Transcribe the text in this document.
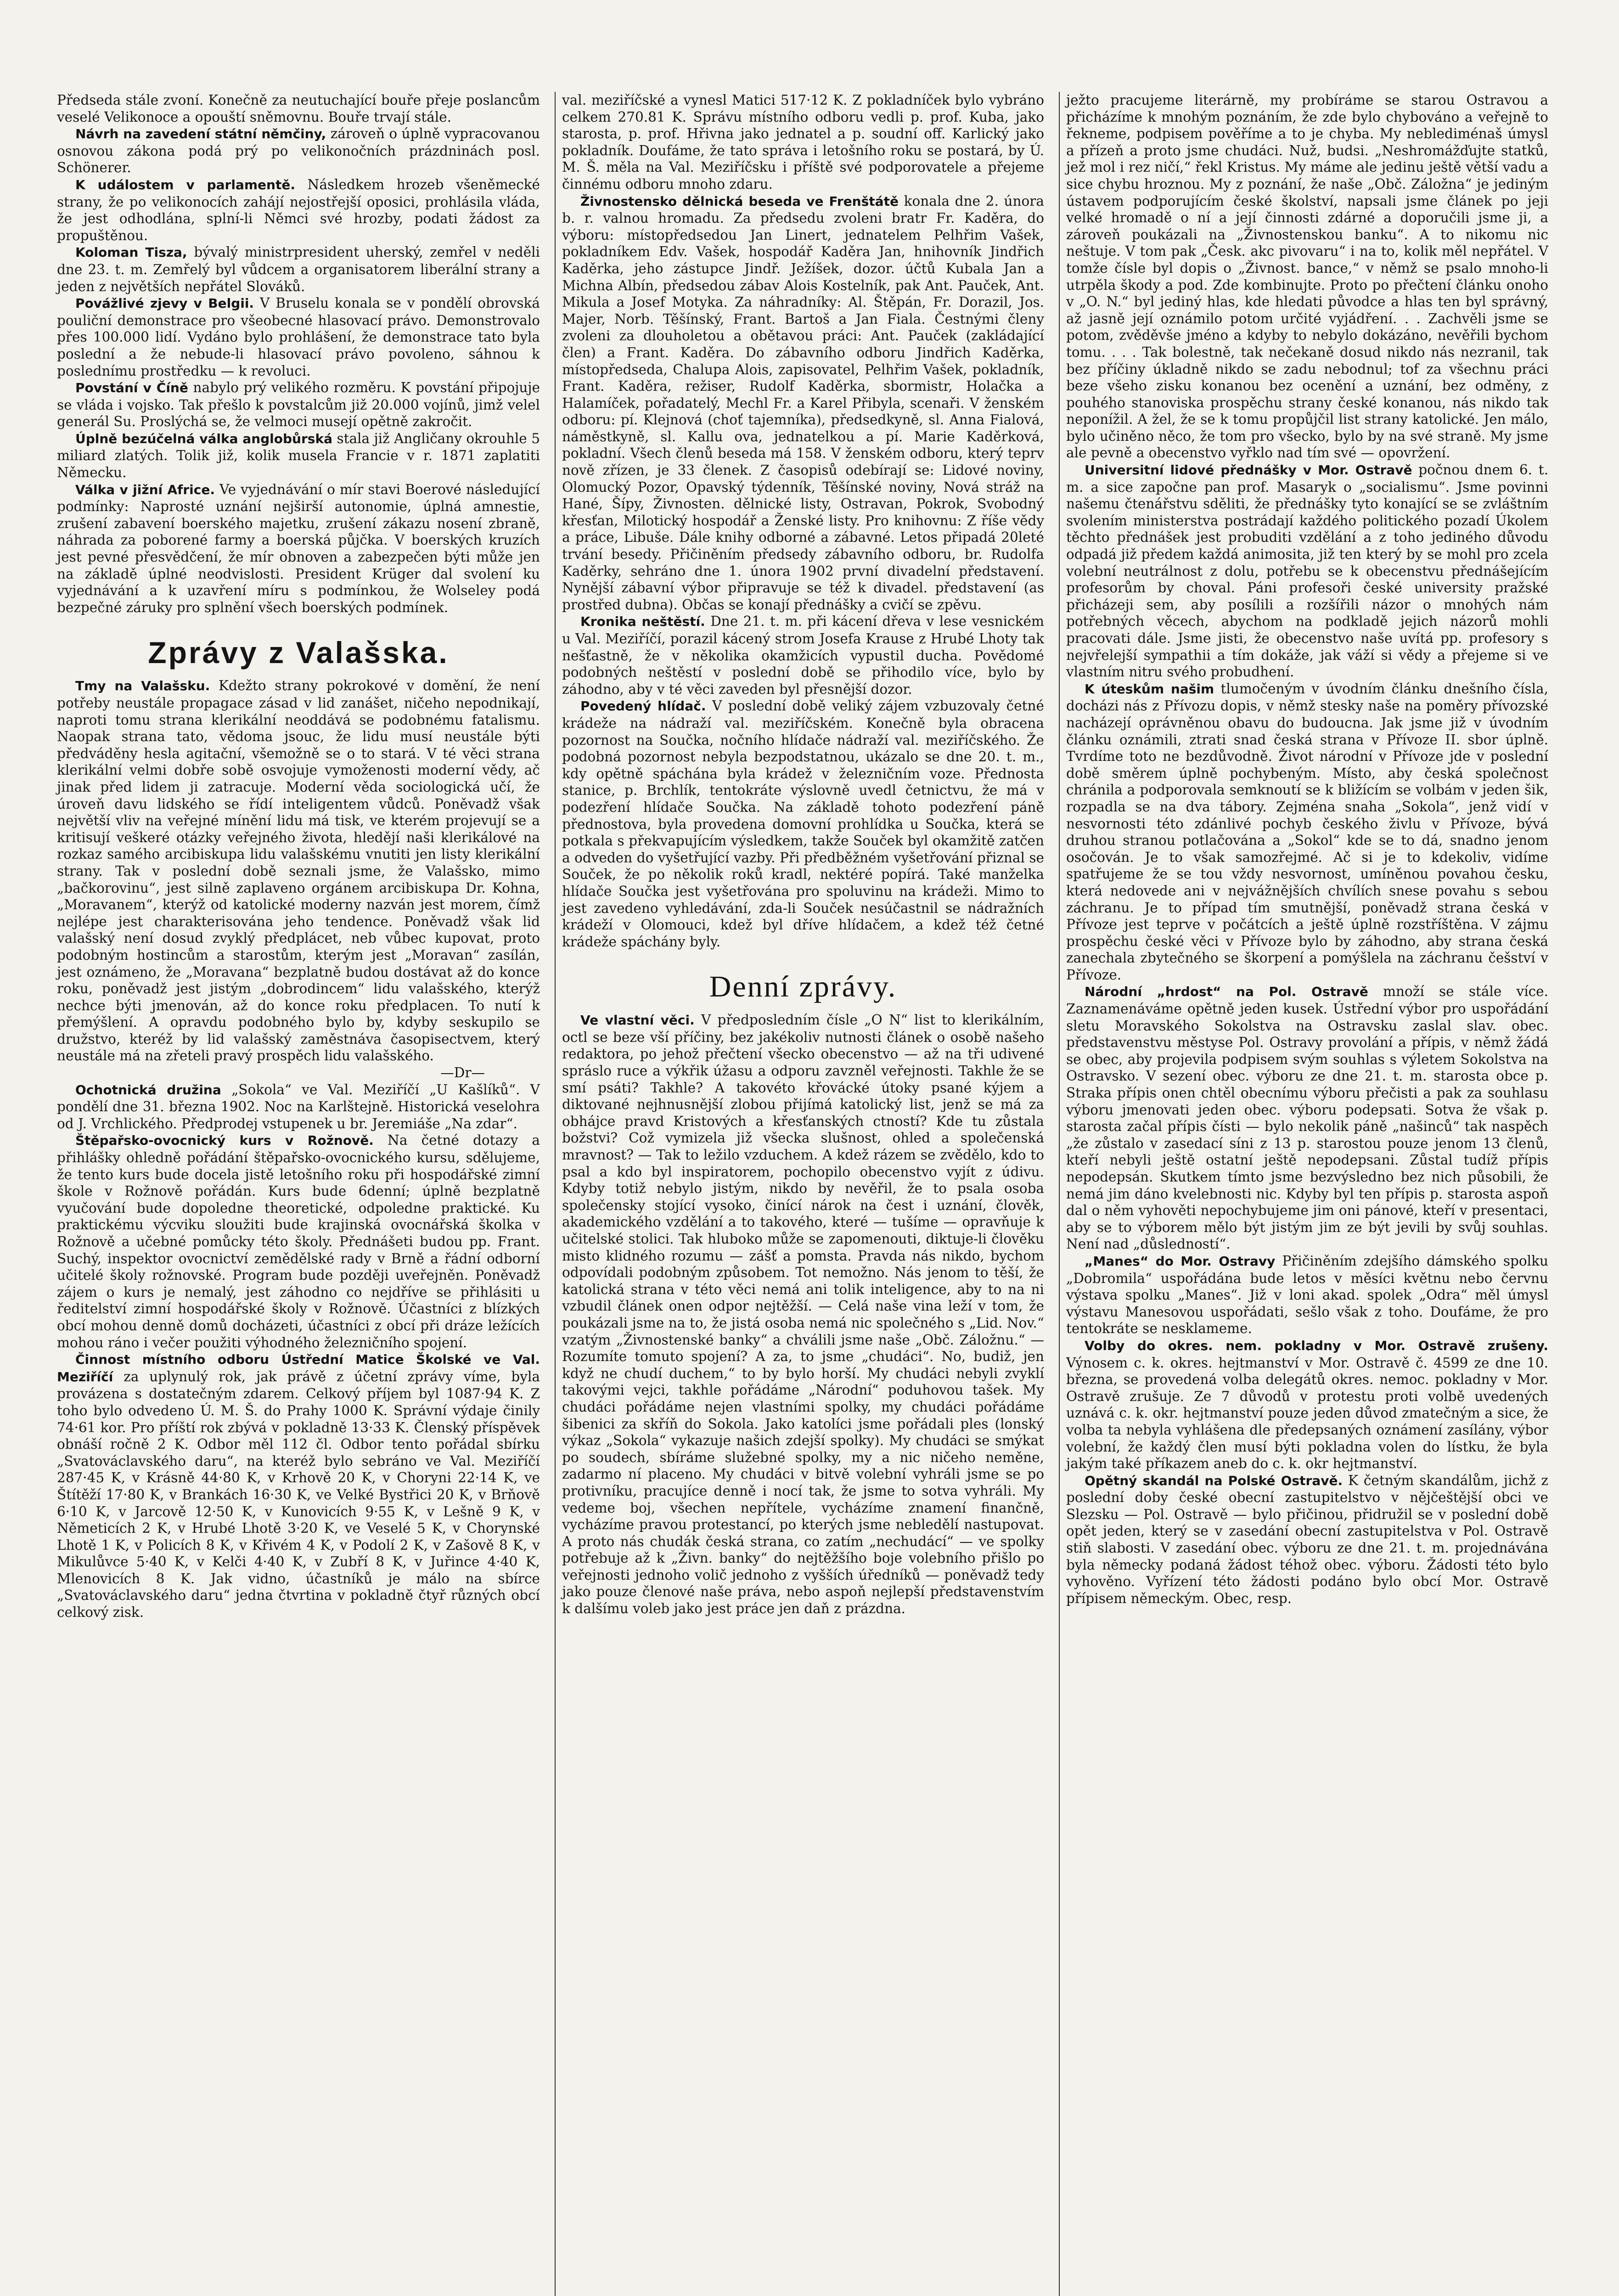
Předseda stále zvoní. Konečně za neutuchající bouře přeje poslancům veselé Velikonoce a opouští sněmovnu. Bouře trvají stále.

Návrh na zavedení státní němčiny, zároveň o úplně vypracovanou osnovou zákona podá prý po velikonočních prázdninách posl. Schönerer.

K událostem v parlamentě. Následkem hrozeb všeněmecké strany, že po velikonocích zahájí nejostřejší oposici, prohlásila vláda, že jest odhodlána, splní-li Němci své hrozby, podati žádost za propuštěnou.

Koloman Tisza, bývalý ministrpresident uherský, zemřel v neděli dne 23. t. m. Zemřelý byl vůdcem a organisatorem liberální strany a jeden z největších nepřátel Slováků.

Povážlivé zjevy v Belgii. V Bruselu konala se v pondělí obrovská pouliční demonstrace pro všeobecné hlasovací právo. Demonstrovalo přes 100.000 lidí. Vydáno bylo prohlášení, že demonstrace tato byla poslední a že nebude-li hlasovací právo povoleno, sáhnou k poslednímu prostředku — k revoluci.

Povstání v Číně nabylo prý velikého rozměru. K povstání připojuje se vláda i vojsko. Tak přešlo k povstalcům již 20.000 vojínů, jimž velel generál Su. Proslýchá se, že velmoci musejí opětně zakročit.

Úplně bezúčelná válka anglobůrská stala již Angličany okrouhle 5 miliard zlatých. Tolik již, kolik musela Francie v r. 1871 zaplatiti Německu.

Válka v jižní Africe. Ve vyjednávání o mír stavi Boerové následující podmínky: Naprosté uznání nejširší autonomie, úplná amnestie, zrušení zabavení boerského majetku, zrušení zákazu nosení zbraně, náhrada za poborené farmy a boerská půjčka. V boerských kruzích jest pevné přesvědčení, že mír obnoven a zabezpečen býti může jen na základě úplné neodvislosti. President Krüger dal svolení ku vyjednávání a k uzavření míru s podmínkou, že Wolseley podá bezpečné záruky pro splnění všech boerských podmínek.

Zprávy z Valašska.

Tmy na Valašsku. Kdežto strany pokrokové v domění, že není potřeby neustále propagace zásad v lid zanášet, ničeho nepodnikají, naproti tomu strana klerikální neoddává se podobnému fatalismu. Naopak strana tato, vědoma jsouc, že lidu musí neustále býti předváděny hesla agitační, všemožně se o to stará. V té věci strana klerikální velmi dobře sobě osvojuje vymoženosti moderní vědy, ač jinak před lidem ji zatracuje. Moderní věda sociologická učí, že úroveň davu lidského se řídí inteligentem vůdců. Poněvadž však největší vliv na veřejné mínění lidu má tisk, ve kterém projevují se a kritisují veškeré otázky veřejného života, hledějí naši klerikálové na rozkaz samého arcibiskupa lidu valašskému vnutiti jen listy klerikální strany. Tak v poslední době seznali jsme, že Valašsko, mimo „bačkorovinu“, jest silně zaplaveno orgánem arcibiskupa Dr. Kohna, „Moravanem“, kterýž od katolické moderny nazván jest morem, čímž nejlépe jest charakterisována jeho tendence. Poněvadž však lid valašský není dosud zvyklý předplácet, neb vůbec kupovat, proto podobným hostincům a starostům, kterým jest „Moravan“ zasílán, jest oznámeno, že „Moravana“ bezplatně budou dostávat až do konce roku, poněvadž jest jistým „dobrodincem“ lidu valašského, kterýž nechce býti jmenován, až do konce roku předplacen. To nutí k přemýšlení. A opravdu podobného bylo by, kdyby seskupilo se družstvo, kteréž by lid valašský zaměstnáva časopisectvem, který neustále má na zřeteli pravý prospěch lidu valašského.
—Dr—

Ochotnická družina „Sokola“ ve Val. Meziříčí „U Kašlíků“. V pondělí dne 31. března 1902. Noc na Karlštejně. Historická veselohra od J. Vrchlického. Předprodej vstupenek u br. Jeremiáše „Na zdar“.

Štěpařsko-ovocnický kurs v Rožnově. Na četné dotazy a přihlášky ohledně pořádání štěpařsko-ovocnického kursu, sdělujeme, že tento kurs bude docela jistě letošního roku při hospodářské zimní škole v Rožnově pořádán. Kurs bude 6denní; úplně bezplatně vyučování bude dopoledne theoretické, odpoledne praktické. Ku praktickému výcviku sloužiti bude krajinská ovocnářská školka v Rožnově a učebné pomůcky této školy. Přednášeti budou pp. Frant. Suchý, inspektor ovocnictví zemědělské rady v Brně a řádní odborní učitelé školy rožnovské. Program bude později uveřejněn. Poněvadž zájem o kurs je nemalý, jest záhodno co nejdříve se přihlásiti u ředitelství zimní hospodářské školy v Rožnově. Účastníci z blízkých obcí mohou denně domů docházeti, účastníci z obcí při dráze ležících mohou ráno i večer použiti výhodného železničního spojení.

Činnost místního odboru Ústřední Matice Školské ve Val. Meziříčí za uplynulý rok, jak právě z účetní zprávy víme, byla provázena s dostatečným zdarem. Celkový příjem byl 1087·94 K. Z toho bylo odvedeno Ú. M. Š. do Prahy 1000 K. Správní výdaje činily 74·61 kor. Pro příští rok zbývá v pokladně 13·33 K. Členský příspěvek obnáší ročně 2 K. Odbor měl 112 čl. Odbor tento pořádal sbírku „Svatováclavského daru“, na kteréž bylo sebráno ve Val. Meziříčí 287·45 K, v Krásně 44·80 K, v Krhově 20 K, v Choryni 22·14 K, ve Štítěží 17·80 K, v Brankách 16·30 K, ve Velké Bystřici 20 K, v Brňově 6·10 K, v Jarcově 12·50 K, v Kunovicích 9·55 K, v Lešně 9 K, v Němeticích 2 K, v Hrubé Lhotě 3·20 K, ve Veselé 5 K, v Chorynské Lhotě 1 K, v Policích 8 K, v Křivém 4 K, v Podolí 2 K, v Zašově 8 K, v Mikulůvce 5·40 K, v Kelči 4·40 K, v Zubří 8 K, v Juřince 4·40 K, Mlenovicích 8 K. Jak vidno, účastníků je málo na sbírce „Svatováclavského daru“ jedna čtvrtina v pokladně čtyř různých obcí celkový zisk.

val. meziříčské a vynesl Matici 517·12 K. Z pokladníček bylo vybráno celkem 270.81 K. Správu místního odboru vedli p. prof. Kuba, jako starosta, p. prof. Hřivna jako jednatel a p. soudní off. Karlický jako pokladník. Doufáme, že tato správa i letošního roku se postará, by Ú. M. Š. měla na Val. Meziříčsku i příště své podporovatele a přejeme činnému odboru mnoho zdaru.

Živnostensko dělnická beseda ve Frenštátě konala dne 2. února b. r. valnou hromadu. Za předsedu zvoleni bratr Fr. Kaděra, do výboru: místopředsedou Jan Linert, jednatelem Pelhřim Vašek, pokladníkem Edv. Vašek, hospodář Kaděra Jan, hnihovník Jindřich Kaděrka, jeho zástupce Jindř. Ježíšek, dozor. účtů Kubala Jan a Michna Albín, předsedou zábav Alois Kostelník, pak Ant. Pauček, Ant. Mikula a Josef Motyka. Za náhradníky: Al. Štěpán, Fr. Dorazil, Jos. Majer, Norb. Těšínský, Frant. Bartoš a Jan Fiala. Čestnými členy zvoleni za dlouholetou a obětavou práci: Ant. Pauček (zakládající člen) a Frant. Kaděra. Do zábavního odboru Jindřich Kaděrka, místopředseda, Chalupa Alois, zapisovatel, Pelhřim Vašek, pokladník, Frant. Kaděra, režiser, Rudolf Kaděrka, sbormistr, Holačka a Halamíček, pořadatelý, Mechl Fr. a Karel Přibyla, scenaři. V ženském odboru: pí. Klejnová (choť tajemníka), předsedkyně, sl. Anna Fialová, náměstkyně, sl. Kallu ova, jednatelkou a pí. Marie Kaděrková, pokladní. Všech členů beseda má 158. V ženském odboru, který teprv nově zřízen, je 33 členek. Z časopisů odebírají se: Lidové noviny, Olomucký Pozor, Opavský týdenník, Těšínské noviny, Nová stráž na Hané, Šípy, Živnosten. dělnické listy, Ostravan, Pokrok, Svobodný křesťan, Milotický hospodář a Ženské listy. Pro knihovnu: Z říše vědy a práce, Libuše. Dále knihy odborné a zábavné. Letos připadá 20leté trvání besedy. Přičiněním předsedy zábavního odboru, br. Rudolfa Kaděrky, sehráno dne 1. února 1902 první divadelní představení. Nynější zábavní výbor připravuje se též k divadel. představení (as prostřed dubna). Občas se konají přednášky a cvičí se zpěvu.

Kronika neštěstí. Dne 21. t. m. při kácení dřeva v lese vesnickém u Val. Meziříčí, porazil kácený strom Josefa Krause z Hrubé Lhoty tak nešťastně, že v několika okamžicích vypustil ducha. Povědomé podobných neštěstí v poslední době se přihodilo více, bylo by záhodno, aby v té věci zaveden byl přesnější dozor.

Povedený hlídač. V poslední době veliký zájem vzbuzovaly četné krádeže na nádraží val. meziříčském. Konečně byla obracena pozornost na Součka, nočního hlídače nádraží val. meziříčského. Že podobná pozornost nebyla bezpodstatnou, ukázalo se dne 20. t. m., kdy opětně spáchána byla krádež v železničním voze. Přednosta stanice, p. Brchlík, tentokráte výslovně uvedl četnictvu, že má v podezření hlídače Součka. Na základě tohoto podezření páně přednostova, byla provedena domovní prohlídka u Součka, která se potkala s překvapujícím výsledkem, takže Souček byl okamžitě zatčen a odveden do vyšetřující vazby. Při předběžném vyšetřování přiznal se Souček, že po několik roků kradl, nektéré popírá. Také manželka hlídače Součka jest vyšetřována pro spoluvinu na krádeži. Mimo to jest zavedeno vyhledávání, zda-li Souček nesúčastnil se nádražních krádeží v Olomouci, kdež byl dříve hlídačem, a kdež též četné krádeže spáchány byly.

Denní zprávy.

Ve vlastní věci. V předposledním čísle „O N“ list to klerikálním, octl se beze vší příčiny, bez jakékoliv nutnosti článek o osobě našeho redaktora, po jehož přečtení všecko obecenstvo — až na tři udivené spráslo ruce a výkřik úžasu a odporu zavzněl veřejnosti. Takhle že se smí psáti? Takhle? A takovéto křovácké útoky psané kýjem a diktované nejhnusnější zlobou přijímá katolický list, jenž se má za obhájce pravd Kristových a křesťanských ctností? Kde tu zůstala božstvi? Což vymizela již všecka slušnost, ohled a společenská mravnost? — Tak to ležilo vzduchem. A kdež rázem se zvědělo, kdo to psal a kdo byl inspiratorem, pochopilo obecenstvo vyjít z údivu. Kdyby totiž nebylo jistým, nikdo by nevěřil, že to psala osoba společensky stojící vysoko, činící nárok na čest i uznání, člověk, akademického vzdělání a to takového, které — tušíme — opravňuje k učitelské stolici. Tak hluboko může se zapomenouti, diktuje-li člověku misto klidného rozumu — zášť a pomsta. Pravda nás nikdo, bychom odpovídali podobným způsobem. Tot nemožno. Nás jenom to těší, že katolická strana v této věci nemá ani tolik inteligence, aby to na ni vzbudil článek onen odpor nejtěžší. — Celá naše vina leží v tom, že poukázali jsme na to, že jistá osoba nemá nic společného s „Lid. Nov.“ vzatým „Živnostenské banky“ a chválili jsme naše „Obč. Záložnu.“ — Rozumíte tomuto spojení? A za, to jsme „chudáci“. No, budiž, jen když ne chudí duchem,“ to by bylo horší. My chudáci nebyli zvyklí takovými vejci, takhle pořádáme „Národní“ poduhovou tašek. My chudáci pořádáme nejen vlastními spolky, my chudáci pořádáme šibenici za skříň do Sokola. Jako katolíci jsme pořádali ples (lonský výkaz „Sokola“ vykazuje našich zdejší spolky). My chudáci se smýkat po soudech, sbíráme služebné spolky, my a nic ničeho neměne, zadarmo ní placeno. My chudáci v bitvě volební vyhráli jsme se po protivníku, pracujíce denně i nocí tak, že jsme to sotva vyhráli. My vedeme boj, všechen nepřítele, vycházíme znamení finančně, vycházíme pravou protestancí, po kterých jsme nebledělí nastupovat. A proto nás chudák česká strana, co zatím „nechudácí“ — ve spolky potřebuje až k „Živn. banky“ do nejtěžšího boje volebního přišlo po veřejnosti jednoho volič jednoho z vyšších úředníků — poněvadž tedy jako pouze členové naše práva, nebo aspoň nejlepší představenstvím k dalšímu voleb jako jest práce jen daň z prázdna.

ježto pracujeme literárně, my probíráme se starou Ostravou a přicházíme k mnohým poznáním, že zde bylo chybováno a veřejně to řekneme, podpisem pověříme a to je chyba. My neblediménaš úmysl a přízeň a proto jsme chudáci. Nuž, budsi. „Neshromážďujte statků, jež mol i rez ničí,“ řekl Kristus. My máme ale jedinu ještě větší vadu a sice chybu hroznou. My z poznání, že naše „Obč. Záložna“ je jediným ústavem podporujícím české školství, napsali jsme článek po jeji velké hromadě o ní a její činnosti zdárné a doporučili jsme ji, a zároveň poukázali na „Živnostenskou banku“. A to nikomu nic neštuje. V tom pak „Česk. akc pivovaru“ i na to, kolik měl nepřátel. V tomže čísle byl dopis o „Živnost. bance,“ v němž se psalo mnoho-li utrpěla škody a pod. Zde kombinujte. Proto po přečtení článku onoho v „O. N.“ byl jediný hlas, kde hledati původce a hlas ten byl správný, až jasně její oznámilo potom určité vyjádření. . . Zachvěli jsme se potom, zvěděvše jméno a kdyby to nebylo dokázáno, nevěřili bychom tomu. . . . Tak bolestně, tak nečekaně dosud nikdo nás nezranil, tak bez příčiny úkladně nikdo se zadu nebodnul; tof za všechnu práci beze všeho zisku konanou bez ocenění a uznání, bez odměny, z pouhého stanoviska prospěchu strany české konanou, nás nikdo tak neponížil. A žel, že se k tomu propůjčil list strany katolické. Jen málo, bylo učiněno něco, že tom pro všecko, bylo by na své straně. My jsme ale pevně a obecenstvo vyřklo nad tím své — opovržení.

Universitní lidové přednášky v Mor. Ostravě počnou dnem 6. t. m. a sice započne pan prof. Masaryk o „socialismu“. Jsme povinni našemu čtenářstvu sděliti, že přednášky tyto konající se se zvláštním svolením ministerstva postrádají každého politického pozadí Úkolem těchto přednášek jest probuditi vzdělání a z toho jediného důvodu odpadá již předem každá animosita, již ten který by se mohl pro zcela volební neutrálnost z dolu, potřebu se k obecenstvu přednášejícím profesorům by choval. Páni profesoři české university pražské přicházeji sem, aby posílili a rozšířili názor o mnohých nám potřebných věcech, abychom na podkladě jejich názorů mohli pracovati dále. Jsme jisti, že obecenstvo naše uvítá pp. profesory s nejvřelejší sympathii a tím dokáže, jak váží si vědy a přejeme si ve vlastním nitru svého probudhení.

K úteskům našim tlumočeným v úvodním článku dnešního čísla, docházi nás z Přívozu dopis, v němž stesky naše na poměry přívozské nacházejí oprávněnou obavu do budoucna. Jak jsme již v úvodním článku oznámili, ztrati snad česká strana v Přívoze II. sbor úplně. Tvrdíme toto ne bezdůvodně. Život národní v Přívoze jde v poslední době směrem úplně pochybeným. Místo, aby česká společnost chránila a podporovala semknoutí se k bližícím se volbám v jeden šik, rozpadla se na dva tábory. Zejména snaha „Sokola“, jenž vidí v nesvornosti této zdánlivé pochyb českého živlu v Přívoze, bývá druhou stranou potlačována a „Sokol“ kde se to dá, snadno jenom osočován. Je to však samozřejmé. Ač si je to kdekoliv, vidíme spatřujeme že se tou vždy nesvornost, umíněnou povahou česku, která nedovede ani v nejvážnějších chvílích snese povahu s sebou záchranu. Je to případ tím smutnější, poněvadž strana česká v Přívoze jest teprve v počátcích a ještě úplně rozstříštěna. V zájmu prospěchu české věci v Přívoze bylo by záhodno, aby strana česká zanechala zbytečného se škorpení a pomýšlela na záchranu češství v Přívoze.

Národní „hrdost“ na Pol. Ostravě množí se stále více. Zaznamenáváme opětně jeden kusek. Ústřední výbor pro uspořádání sletu Moravského Sokolstva na Ostravsku zaslal slav. obec. představenstvu městyse Pol. Ostravy provolání a přípis, v němž žádá se obec, aby projevila podpisem svým souhlas s výletem Sokolstva na Ostravsko. V sezení obec. výboru ze dne 21. t. m. starosta obce p. Straka přípis onen chtěl obecnímu výboru přečisti a pak za souhlasu výboru jmenovati jeden obec. výboru podepsati. Sotva že však p. starosta začal přípis čísti — bylo nekolik páně „našinců“ tak naspěch „že zůstalo v zasedací síni z 13 p. starostou pouze jenom 13 členů, kteří nebyli ještě ostatní ještě nepodepsani. Zůstal tudíž přípis nepodepsán. Skutkem tímto jsme bezvýsledno bez nich působili, že nemá jim dáno kvelebnosti nic. Kdyby byl ten přípis p. starosta aspoň dal o něm vyhověti nepochybujeme jim oni pánové, kteří v presentaci, aby se to výborem mělo být jistým jim ze být jevili by svůj souhlas. Není nad „důsledností“.

„Manes“ do Mor. Ostravy Přičiněním zdejšího dámského spolku „Dobromila“ uspořádána bude letos v měsíci květnu nebo červnu výstava spolku „Manes“. Již v loni akad. spolek „Odra“ měl úmysl výstavu Manesovou uspořádati, sešlo však z toho. Doufáme, že pro tentokráte se nesklameme.

Volby do okres. nem. pokladny v Mor. Ostravě zrušeny. Výnosem c. k. okres. hejtmanství v Mor. Ostravě č. 4599 ze dne 10. března, se provedená volba delegátů okres. nemoc. pokladny v Mor. Ostravě zrušuje. Ze 7 důvodů v protestu proti volbě uvedených uznává c. k. okr. hejtmanství pouze jeden důvod zmatečným a sice, že volba ta nebyla vyhlášena dle předepsaných oznámení zasílány, výbor volební, že každý člen musí býti pokladna volen do lístku, že byla jakým také příkazem aneb do c. k. okr hejtmanství.

Opětný skandál na Polské Ostravě. K četným skandálům, jichž z poslední doby české obecní zastupitelstvo v nějčeštější obci ve Slezsku — Pol. Ostravě — bylo přičinou, přidružil se v poslední době opět jeden, který se v zasedání obecní zastupitelstva v Pol. Ostravě stiň slabosti. V zasedání obec. výboru ze dne 21. t. m. projednávána byla německy podaná žádost téhož obec. výboru. Žádosti této bylo vyhověno. Vyřízení této žádosti podáno bylo obcí Mor. Ostravě přípisem německým. Obec, resp.
